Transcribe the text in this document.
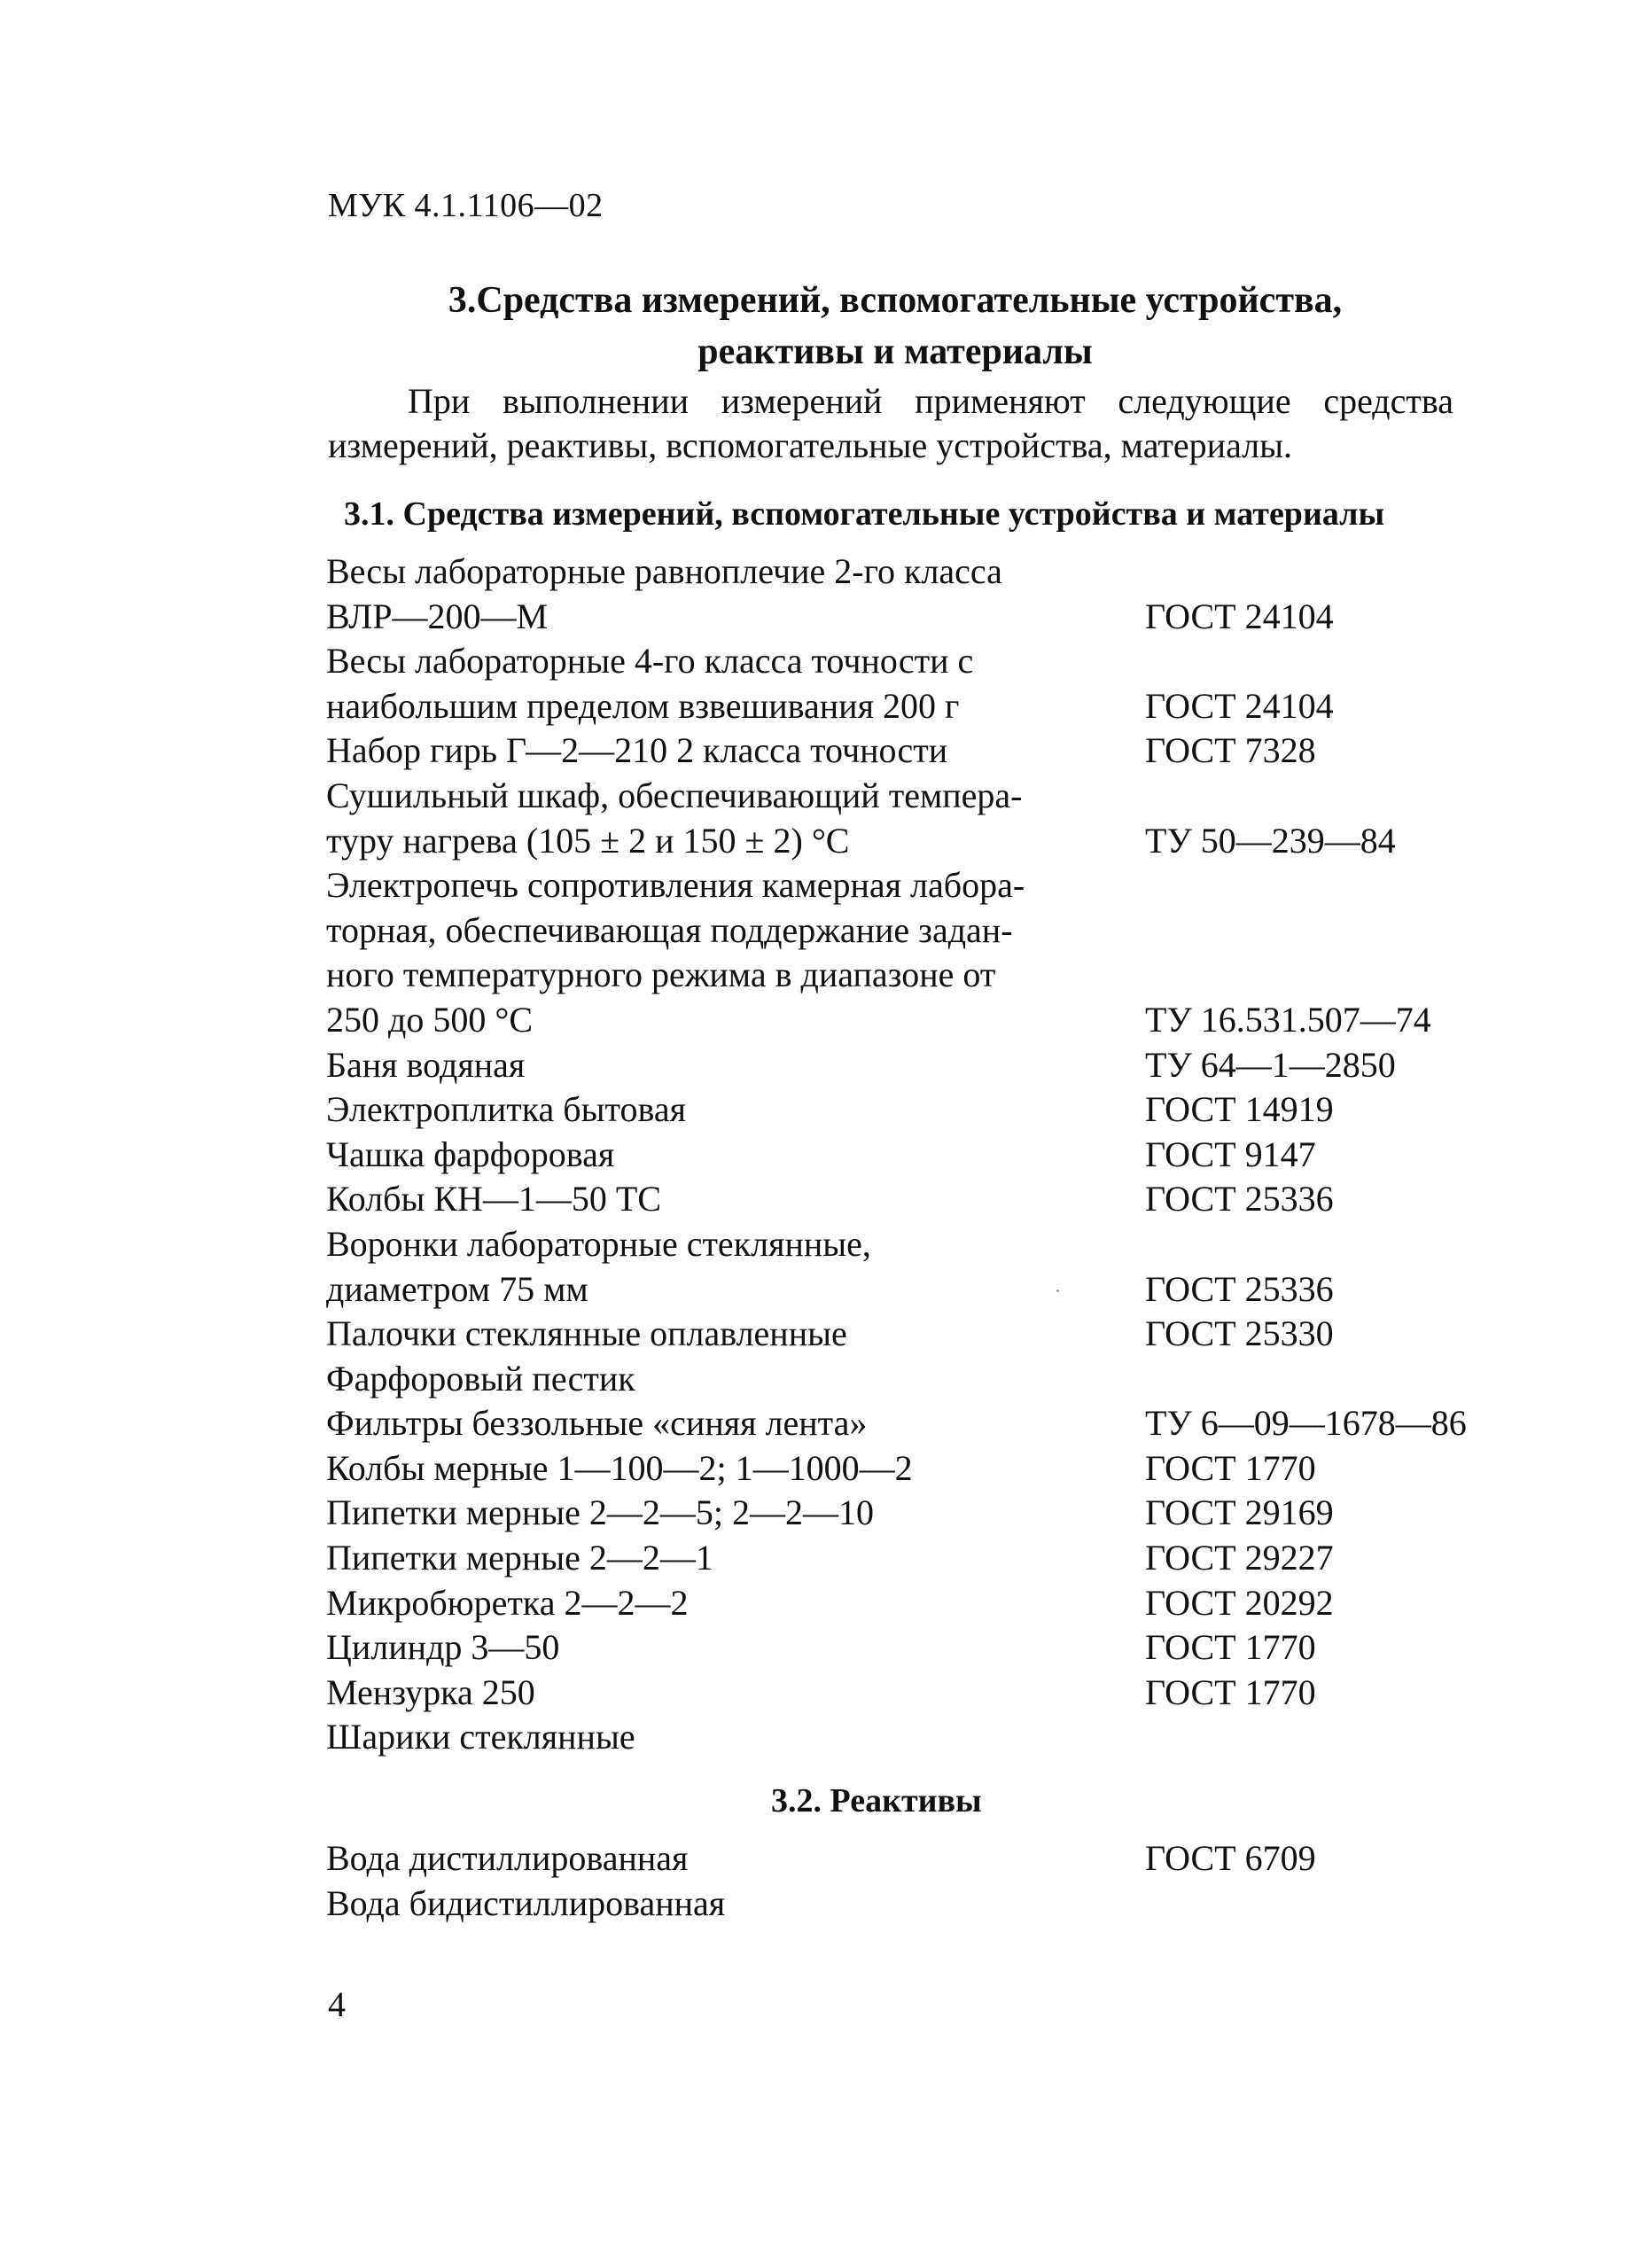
МУК 4.1.1106—02
3.Средства измерений, вспомогательные устройства,
реактивы и материалы
При выполнении измерений применяют следующие средства
измерений, реактивы, вспомогательные устройства, материалы.
3.1. Средства измерений, вспомогательные устройства и материалы
Весы лабораторные равноплечие 2-го класса
ВЛР—200—М	ГОСТ 24104
Весы лабораторные 4-го класса точности с
наибольшим пределом взвешивания 200 г	ГОСТ 24104
Набор гирь Г—2—210 2 класса точности	ГОСТ 7328
Сушильный шкаф, обеспечивающий темпера-
туру нагрева (105 ± 2 и 150 ± 2) °С	ТУ 50—239—84
Электропечь сопротивления камерная лабора-
торная, обеспечивающая поддержание задан-
ного температурного режима в диапазоне от
250 до 500 °С	ТУ 16.531.507—74
Баня водяная	ТУ 64—1—2850
Электроплитка бытовая	ГОСТ 14919
Чашка фарфоровая	ГОСТ 9147
Колбы КН—1—50 ТС	ГОСТ 25336
Воронки лабораторные стеклянные,
диаметром 75 мм	ГОСТ 25336
Палочки стеклянные оплавленные	ГОСТ 25330
Фарфоровый пестик
Фильтры беззольные «синяя лента»	ТУ 6—09—1678—86
Колбы мерные 1—100—2; 1—1000—2	ГОСТ 1770
Пипетки мерные 2—2—5; 2—2—10	ГОСТ 29169
Пипетки мерные 2—2—1	ГОСТ 29227
Микробюретка 2—2—2	ГОСТ 20292
Цилиндр 3—50	ГОСТ 1770
Мензурка 250	ГОСТ 1770
Шарики стеклянные
3.2. Реактивы
Вода дистиллированная	ГОСТ 6709
Вода бидистиллированная
4
